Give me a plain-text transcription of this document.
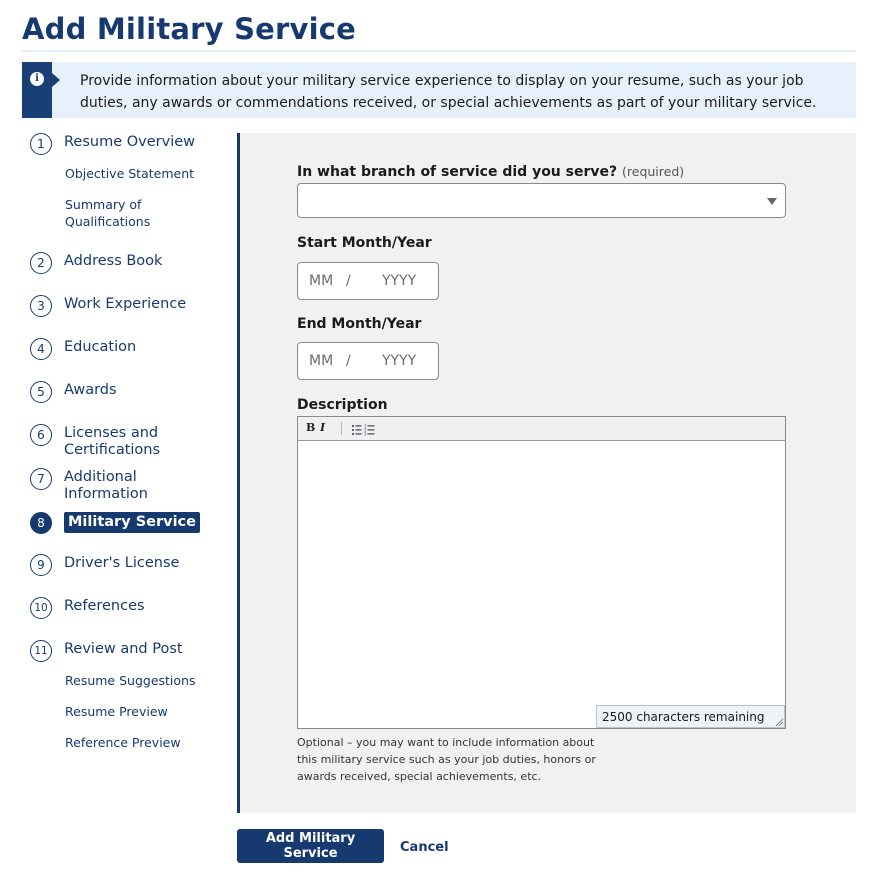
Add Military Service
i	Provide information about your military service experience to display on your resume, such as your job duties, any awards or commendations received, or special achievements as part of your military service.
1	Resume Overview
Objective Statement
Summary of Qualifications
2	Address Book
3	Work Experience
4	Education
5	Awards
6	Licenses and Certifications
7	Additional Information
8	Military Service
9	Driver's License
10 References
11 Review and Post
Resume Suggestions
Resume Preview
Reference Preview
In what branch of service did you serve? (required)
Start Month/Year
MM / YYYY
End Month/Year
MM / YYYY
Description
B I	1
2
3
2500 characters remaining
Optional – you may want to include information about this military service such as your job duties, honors or awards received, special achievements, etc.
Add Military Service	Cancel
